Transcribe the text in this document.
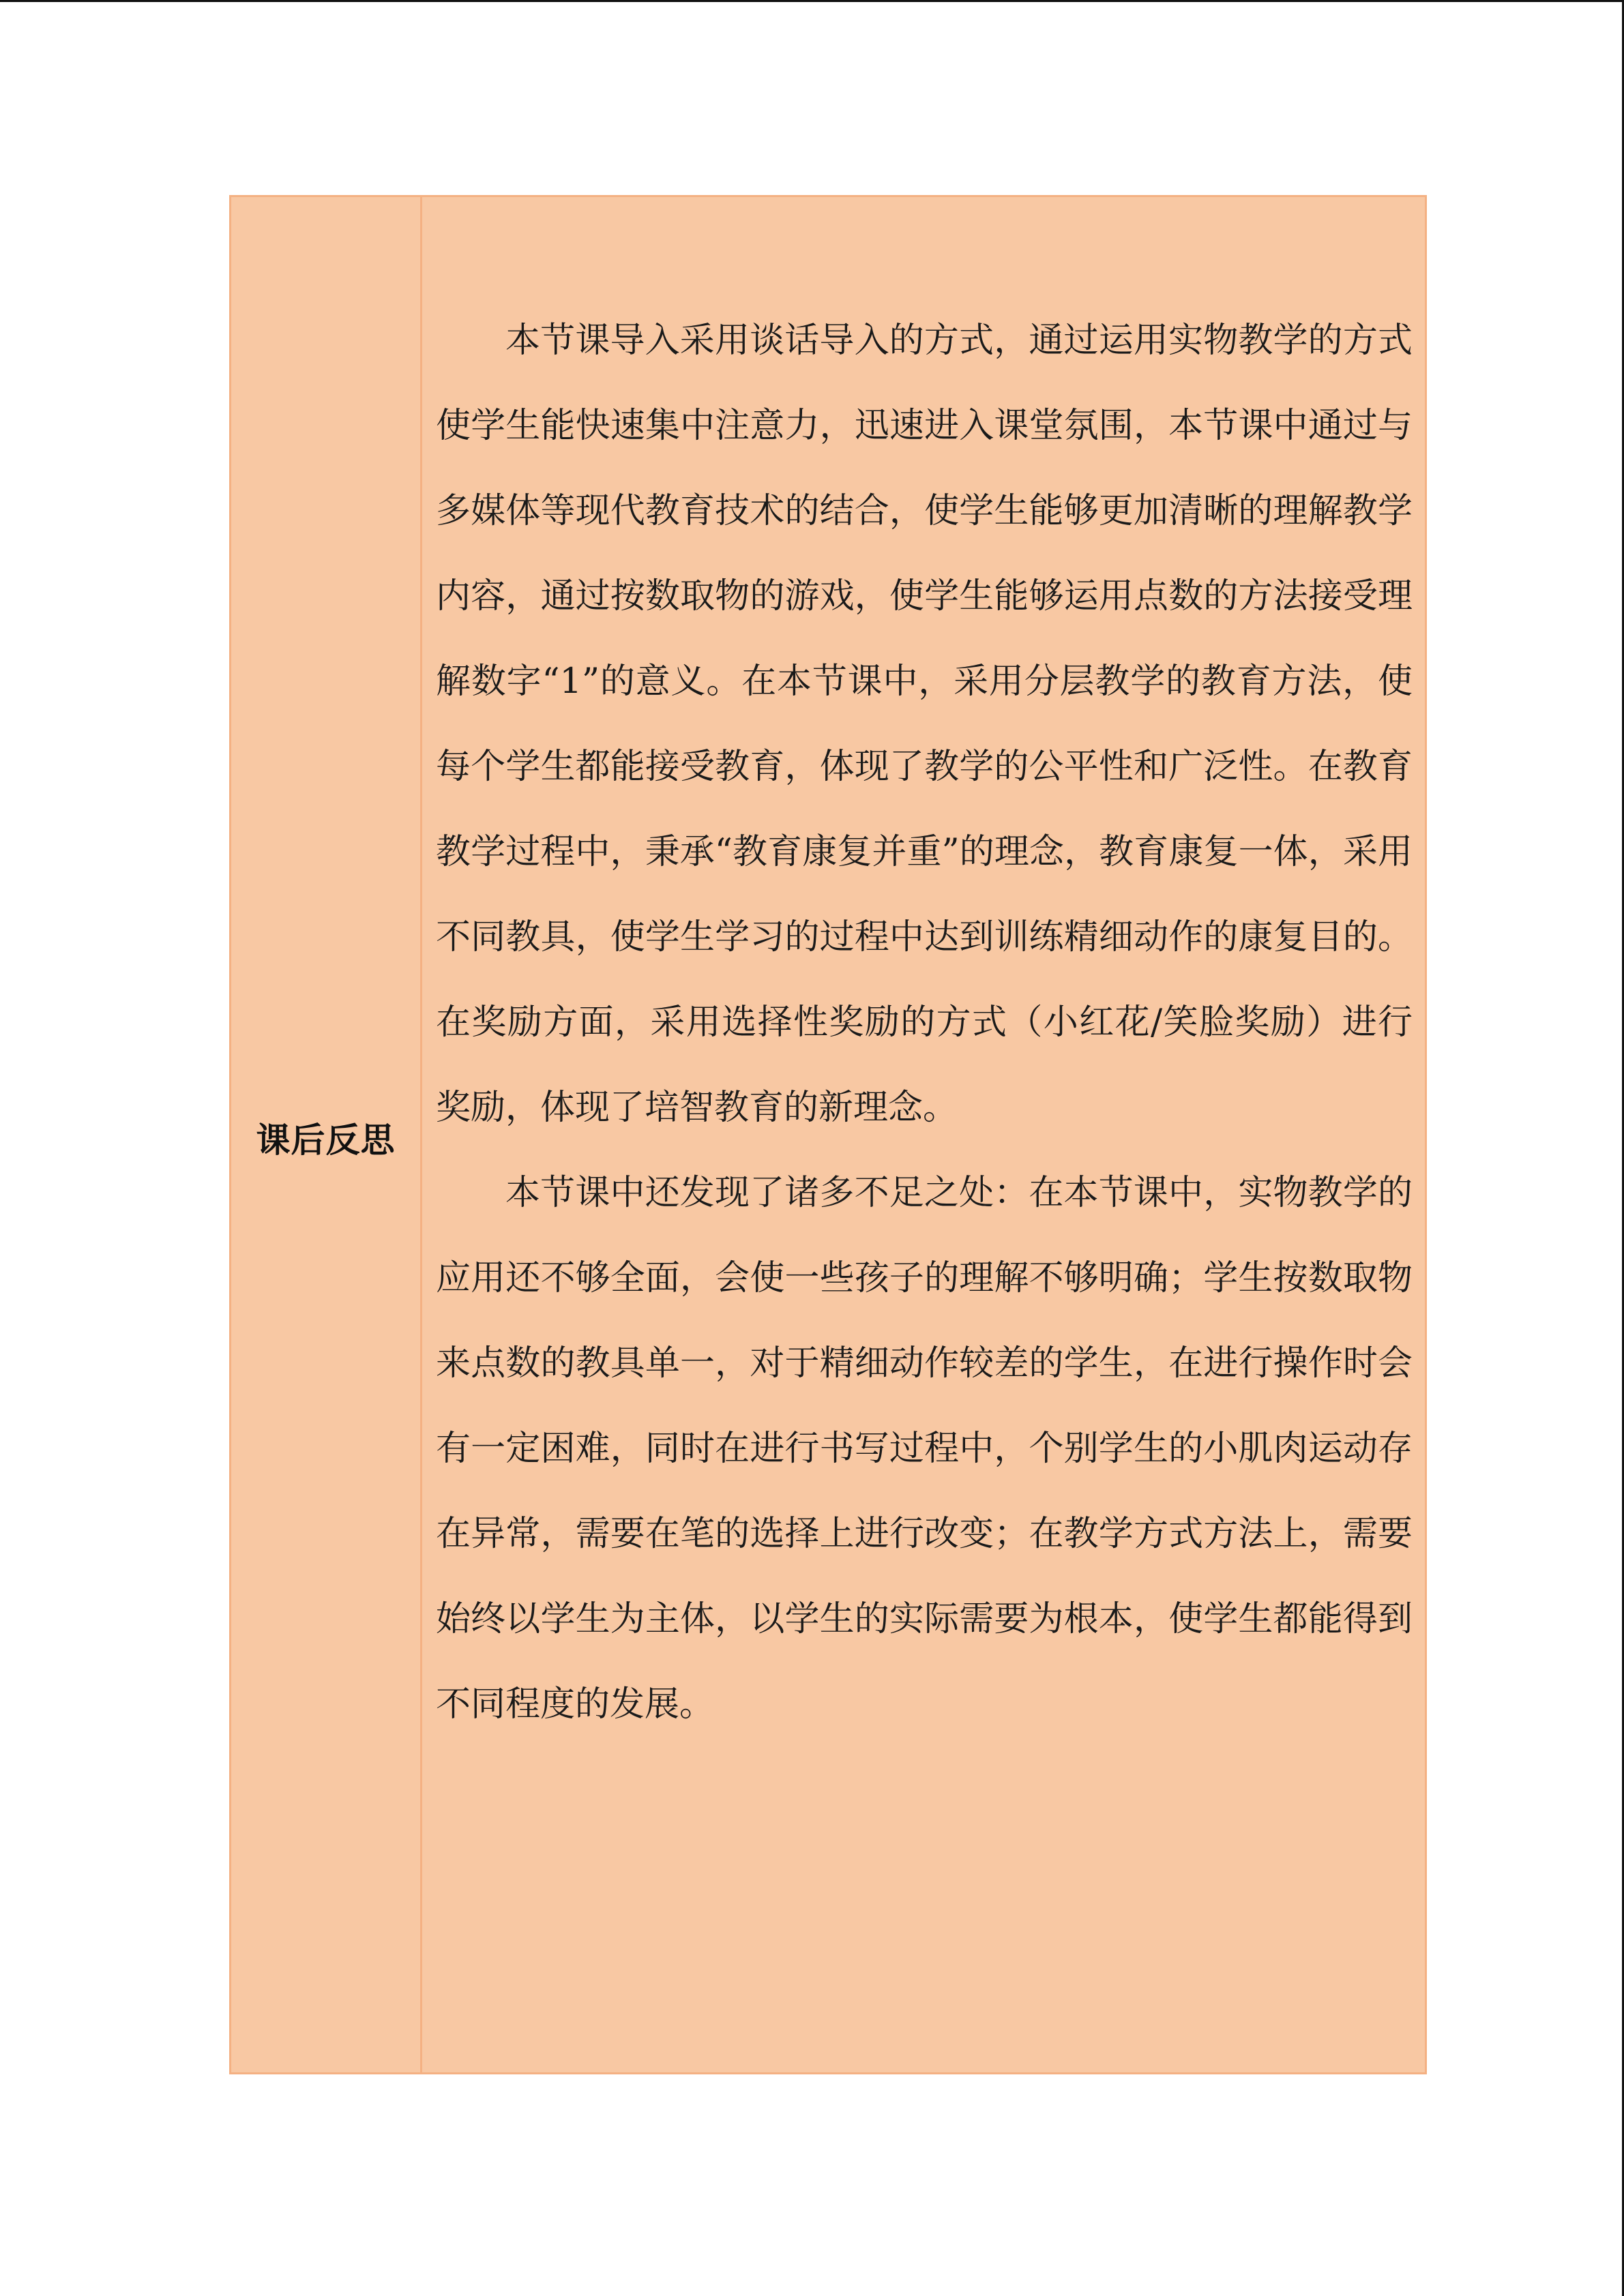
课后反思

本节课导入采用谈话导入的方式，通过运用实物教学的方式使学生能快速集中注意力，迅速进入课堂氛围，本节课中通过与多媒体等现代教育技术的结合，使学生能够更加清晰的理解教学内容，通过按数取物的游戏，使学生能够运用点数的方法接受理解数字“1”的意义。在本节课中，采用分层教学的教育方法，使每个学生都能接受教育，体现了教学的公平性和广泛性。在教育教学过程中，秉承“教育康复并重”的理念，教育康复一体，采用不同教具，使学生学习的过程中达到训练精细动作的康复目的。在奖励方面，采用选择性奖励的方式（小红花/笑脸奖励）进行奖励，体现了培智教育的新理念。

本节课中还发现了诸多不足之处：在本节课中，实物教学的应用还不够全面，会使一些孩子的理解不够明确；学生按数取物来点数的教具单一，对于精细动作较差的学生，在进行操作时会有一定困难，同时在进行书写过程中，个别学生的小肌肉运动存在异常，需要在笔的选择上进行改变；在教学方式方法上，需要始终以学生为主体，以学生的实际需要为根本，使学生都能得到不同程度的发展。
